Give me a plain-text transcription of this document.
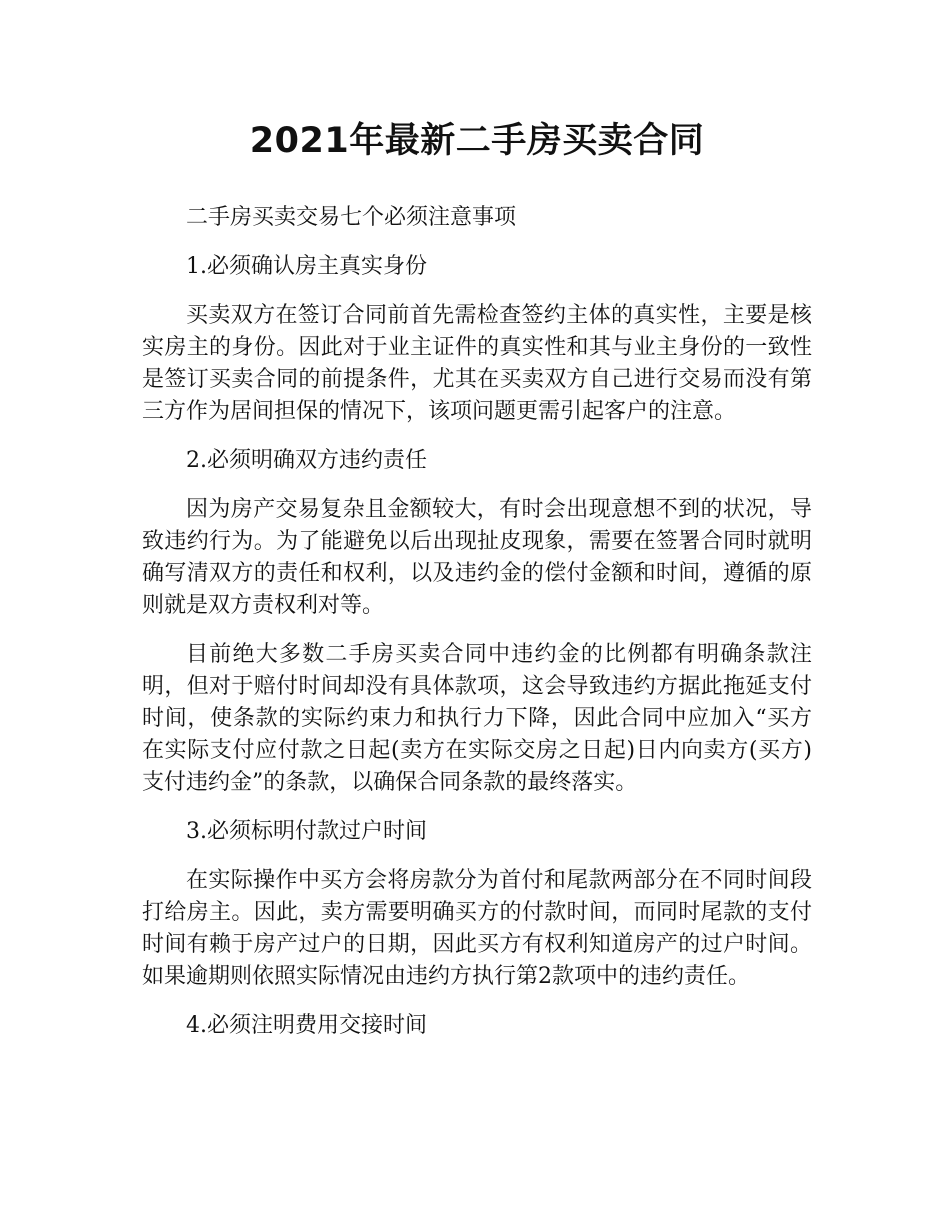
2021年最新二手房买卖合同

二手房买卖交易七个必须注意事项

1.必须确认房主真实身份

买卖双方在签订合同前首先需检查签约主体的真实性，主要是核实房主的身份。因此对于业主证件的真实性和其与业主身份的一致性是签订买卖合同的前提条件，尤其在买卖双方自己进行交易而没有第三方作为居间担保的情况下，该项问题更需引起客户的注意。

2.必须明确双方违约责任

因为房产交易复杂且金额较大，有时会出现意想不到的状况，导致违约行为。为了能避免以后出现扯皮现象，需要在签署合同时就明确写清双方的责任和权利，以及违约金的偿付金额和时间，遵循的原则就是双方责权利对等。

目前绝大多数二手房买卖合同中违约金的比例都有明确条款注明，但对于赔付时间却没有具体款项，这会导致违约方据此拖延支付时间，使条款的实际约束力和执行力下降，因此合同中应加入“买方在实际支付应付款之日起(卖方在实际交房之日起)日内向卖方(买方)支付违约金”的条款，以确保合同条款的最终落实。

3.必须标明付款过户时间

在实际操作中买方会将房款分为首付和尾款两部分在不同时间段打给房主。因此，卖方需要明确买方的付款时间，而同时尾款的支付时间有赖于房产过户的日期，因此买方有权利知道房产的过户时间。如果逾期则依照实际情况由违约方执行第2款项中的违约责任。

4.必须注明费用交接时间
